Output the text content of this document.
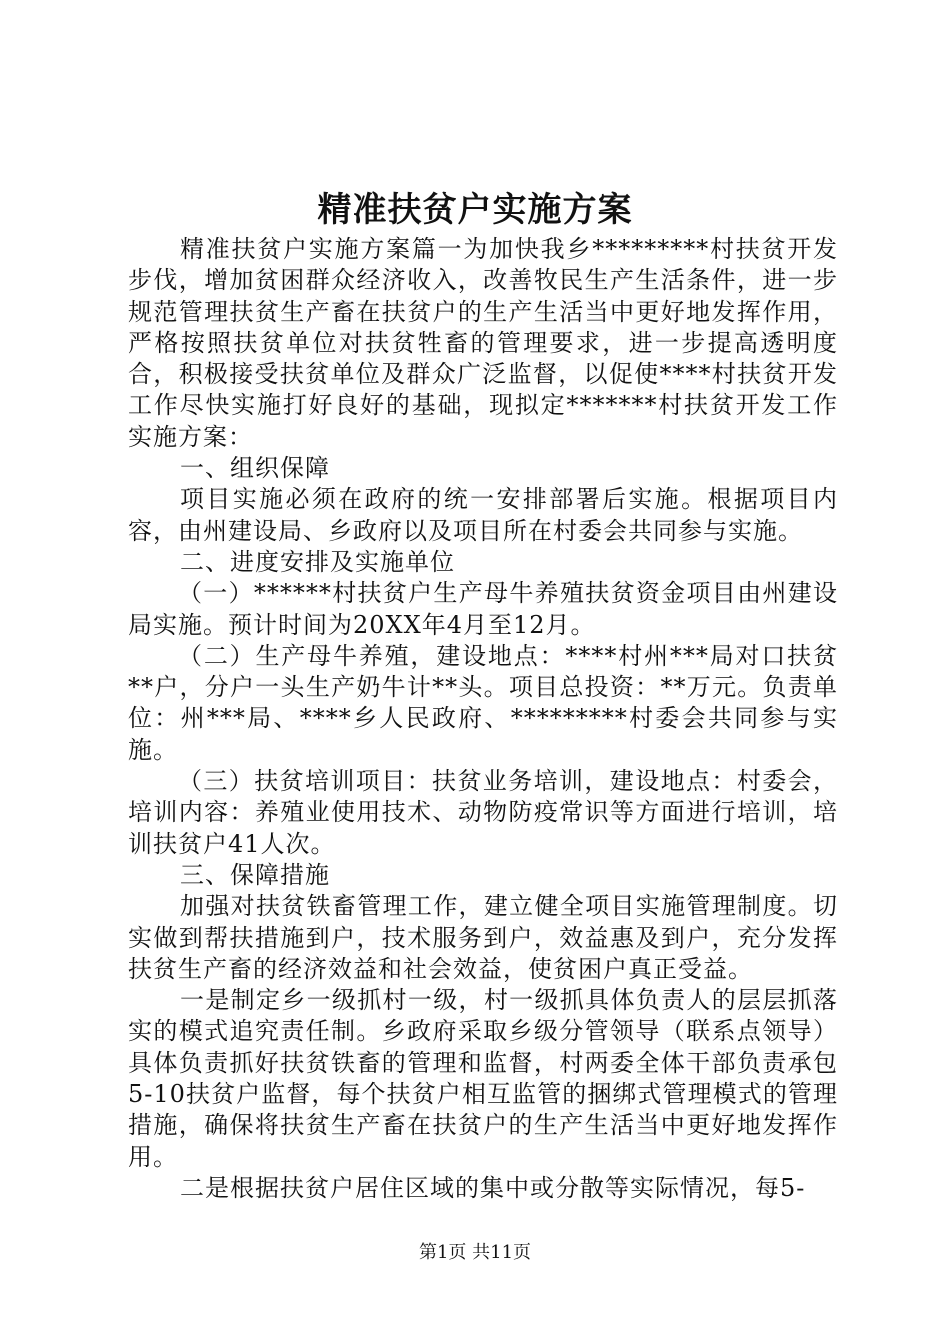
精准扶贫户实施方案

精准扶贫户实施方案篇一为加快我乡*********村扶贫开发步伐，增加贫困群众经济收入，改善牧民生产生活条件，进一步规范管理扶贫生产畜在扶贫户的生产生活当中更好地发挥作用，严格按照扶贫单位对扶贫牲畜的管理要求，进一步提高透明度合，积极接受扶贫单位及群众广泛监督，以促使****村扶贫开发工作尽快实施打好良好的基础，现拟定*******村扶贫开发工作实施方案：

一、组织保障

项目实施必须在政府的统一安排部署后实施。根据项目内容，由州建设局、乡政府以及项目所在村委会共同参与实施。

二、进度安排及实施单位

（一）******村扶贫户生产母牛养殖扶贫资金项目由州建设局实施。预计时间为20XX年4月至12月。

（二）生产母牛养殖，建设地点：****村州***局对口扶贫**户，分户一头生产奶牛计**头。项目总投资：**万元。负责单位：州***局、****乡人民政府、*********村委会共同参与实施。

（三）扶贫培训项目：扶贫业务培训，建设地点：村委会，培训内容：养殖业使用技术、动物防疫常识等方面进行培训，培训扶贫户41人次。

三、保障措施

加强对扶贫铁畜管理工作，建立健全项目实施管理制度。切实做到帮扶措施到户，技术服务到户，效益惠及到户，充分发挥扶贫生产畜的经济效益和社会效益，使贫困户真正受益。

一是制定乡一级抓村一级，村一级抓具体负责人的层层抓落实的模式追究责任制。乡政府采取乡级分管领导（联系点领导）具体负责抓好扶贫铁畜的管理和监督，村两委全体干部负责承包5-10扶贫户监督，每个扶贫户相互监管的捆绑式管理模式的管理措施，确保将扶贫生产畜在扶贫户的生产生活当中更好地发挥作用。

二是根据扶贫户居住区域的集中或分散等实际情况，每5-

第1页 共11页
